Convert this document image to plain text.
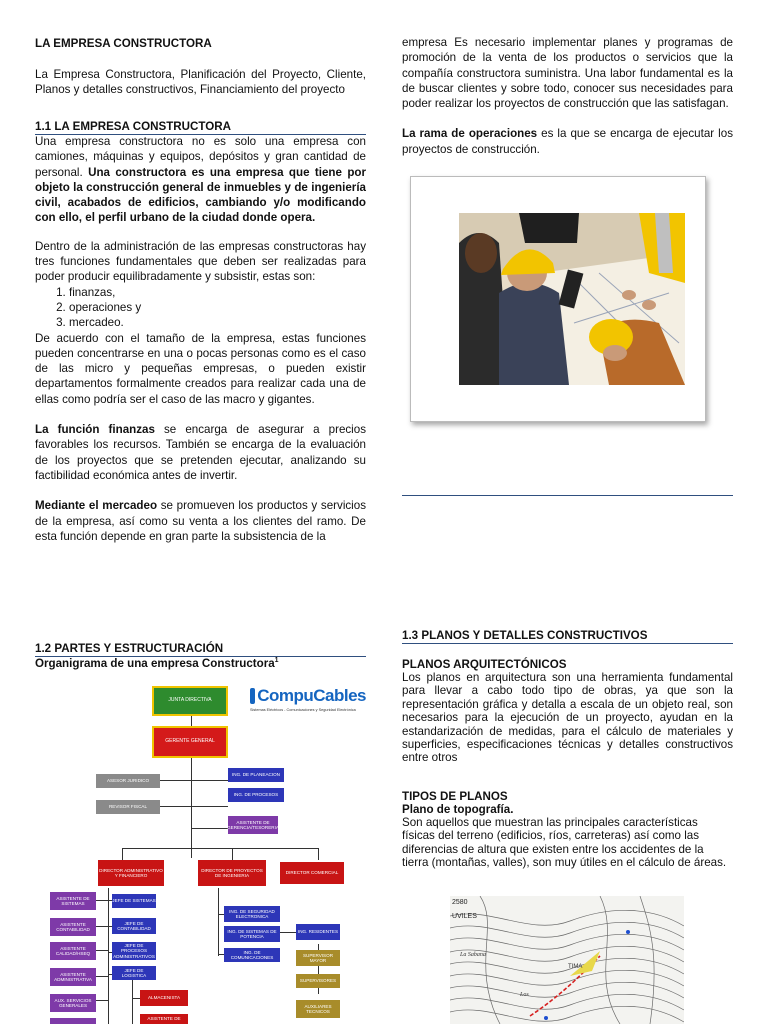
LA EMPRESA CONSTRUCTORA

La Empresa Constructora, Planificación del Proyecto, Cliente, Planos y detalles constructivos, Financiamiento del proyecto

1.1 LA EMPRESA CONSTRUCTORA

Una empresa constructora no es solo una empresa con camiones, máquinas y equipos, depósitos y gran cantidad de personal. Una constructora es una empresa que tiene por objeto la construcción general de inmuebles y de ingeniería civil, acabados de edificios, cambiando y/o modificando con ello, el perfil urbano de la ciudad donde opera.

Dentro de la administración de las empresas constructoras hay tres funciones fundamentales que deben ser realizadas para poder producir equilibradamente y subsistir, estas son:

1. finanzas,
2. operaciones y
3. mercadeo.

De acuerdo con el tamaño de la empresa, estas funciones pueden concentrarse en una o pocas personas como es el caso de las micro y pequeñas empresas, o pueden existir departamentos formalmente creados para realizar cada una de ellas como podría ser el caso de las macro y gigantes.

La función finanzas se encarga de asegurar a precios favorables los recursos. También se encarga de la evaluación de los proyectos que se pretenden ejecutar, analizando su factibilidad económica antes de invertir.

Mediante el mercadeo se promueven los productos y servicios de la empresa, así como su venta a los clientes del ramo. De esta función depende en gran parte la subsistencia de la

1.2 PARTES Y ESTRUCTURACIÓN
Organigrama de una empresa Constructora$^1$
JUNTA DIRECTIVA
GERENTE GENERAL
CompuCables
Sistemas Eléctricos - Comunicaciones y Seguridad Electrónica
ASESOR JURIDICO
REVISOR FISCAL
ING. DE PLANEACION
ING. DE PROCESOS
ASISTENTE DE GERENCIA/TESORERIA
DIRECTOR ADMINISTRATIVO Y FINANCIERO
DIRECTOR DE PROYECTOS DE INGENIERIA
DIRECTOR COMERCIAL
ASISTENTE DE SISTEMAS
ASISTENTE CONTABILIDAD
ASISTENTE CALIDAD/HSEQ
ASISTENTE ADMINISTRATIVA
AUX. SERVICIOS GENERALES
JEFE DE SISTEMAS
JEFE DE CONTABILIDAD
JEFE DE PROCESOS ADMINISTRATIVOS
JEFE DE LOGISTICA
ALMACENISTA
ASISTENTE DE
ING. DE SEGURIDAD ELECTRONICA
ING. DE SISTEMAS DE POTENCIA
ING. DE COMUNICACIONES
ING. RESIDENTES
SUPERVISOR MAYOR
SUPERVISORES
AUXILIARES TECNICOS

empresa Es necesario implementar planes y programas de promoción de la venta de los productos o servicios que la compañía constructora suministra. Una labor fundamental es la de buscar clientes y sobre todo, conocer sus necesidades para poder realizar los proyectos de construcción que las satisfagan.

La rama de operaciones es la que se encarga de ejecutar los proyectos de construcción.

1.3 PLANOS Y DETALLES CONSTRUCTIVOS

PLANOS ARQUITECTÓNICOS

Los planos en arquitectura son una herramienta fundamental para llevar a cabo todo tipo de obras, ya que son la representación gráfica y detalla a escala de un objeto real, son necesarios para la ejecución de un proyecto, ayudan en la estandarización de medidas, para el cálculo de materiales y superficies, especificaciones técnicas y detalles constructivos entre otros

TIPOS DE PLANOS

Plano de topografía.

Son aquellos que muestran las principales características físicas del terreno (edificios, ríos, carreteras) así como las diferencias de altura que existen entre los accidentes de la tierra (montañas, valles), son muy útiles en el cálculo de áreas.

2580
UVILES
La Sabana
Los
TIMA
